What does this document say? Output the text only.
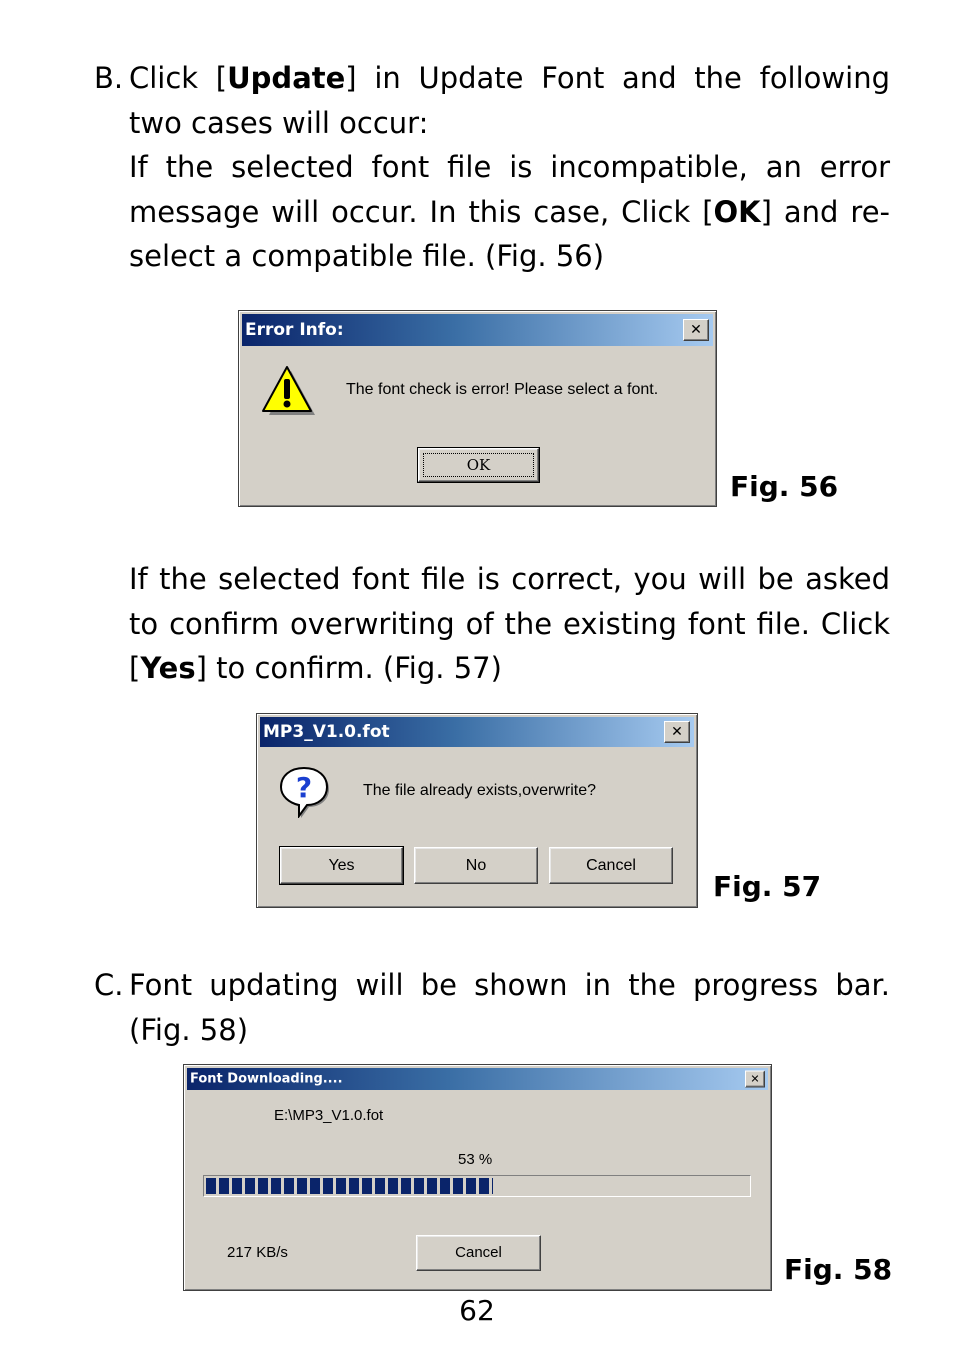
B. Click [Update] in Update Font and the following two cases will occur:

If the selected font file is incompatible, an error message will occur. In this case, Click [OK] and re-select a compatible file. (Fig. 56)

Error Info:	✕
The font check is error! Please select a font.
OK
Fig. 56

If the selected font file is correct, you will be asked to confirm overwriting of the existing font file. Click [Yes] to confirm. (Fig. 57)

MP3_V1.0.fot	✕
?	The file already exists,overwrite?
Yes	No	Cancel
Fig. 57
C. Font updating will be shown in the progress bar. (Fig. 58)

Font Downloading....	✕
E:\MP3_V1.0.fot
53 %
217 KB/s	Cancel
Fig. 58
62
